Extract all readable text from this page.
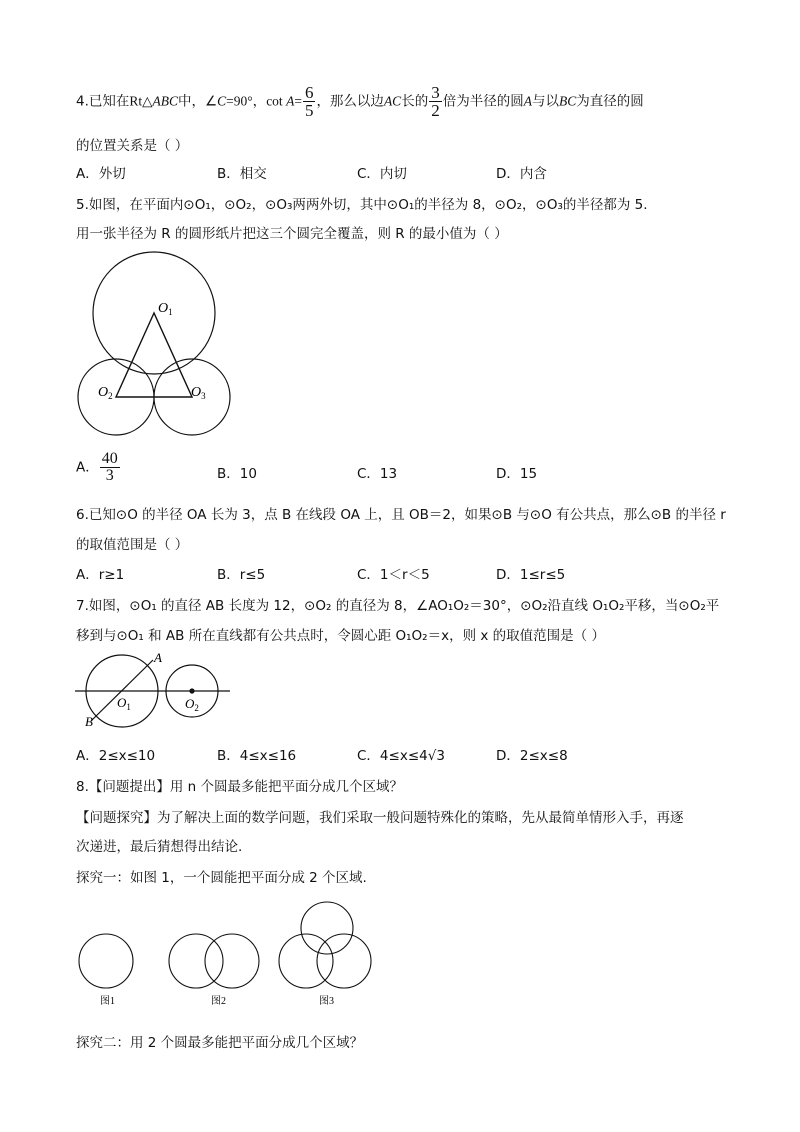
4.已知在Rt△ABC中，∠C=90°，$\cot A= \frac{6}{5}$ ，那么以边AC长的 $\frac{3}{2}$ 倍为半径的圆A与以BC为直径的圆
的位置关系是（ ）
A．外切	B．相交	C．内切	D．内含
5.如图，在平面内⊙O₁，⊙O₂，⊙O₃两两外切，其中⊙O₁的半径为 8，⊙O₂，⊙O₃的半径都为 5.
用一张半径为 R 的圆形纸片把这三个圆完全覆盖，则 R 的最小值为（ ）
$O_1$
$O_2$	$O_3$
A． $\frac{40}{3}$	B．10	C．13	D．15
6.已知⊙O 的半径 OA 长为 3，点 B 在线段 OA 上，且 OB＝2，如果⊙B 与⊙O 有公共点，那么⊙B 的半径 r
的取值范围是（ ）
A．r≥1	B．r≤5	C．1＜r＜5	D．1≤r≤5
7.如图，⊙O₁ 的直径 AB 长度为 12，⊙O₂ 的直径为 8，∠AO₁O₂＝30°，⊙O₂沿直线 O₁O₂平移，当⊙O₂平
移到与⊙O₁ 和 AB 所在直线都有公共点时，令圆心距 O₁O₂＝x，则 x 的取值范围是（ ）
A
B
$O_1$	$O_2$
A．2≤x≤10	B．4≤x≤16	C．4≤x≤4√3	D．2≤x≤8
8.【问题提出】用 n 个圆最多能把平面分成几个区域？
【问题探究】为了解决上面的数学问题，我们采取一般问题特殊化的策略，先从最简单情形入手，再逐
次递进，最后猜想得出结论.
探究一：如图 1，一个圆能把平面分成 2 个区域.
图1	图2	图3
探究二：用 2 个圆最多能把平面分成几个区域？
